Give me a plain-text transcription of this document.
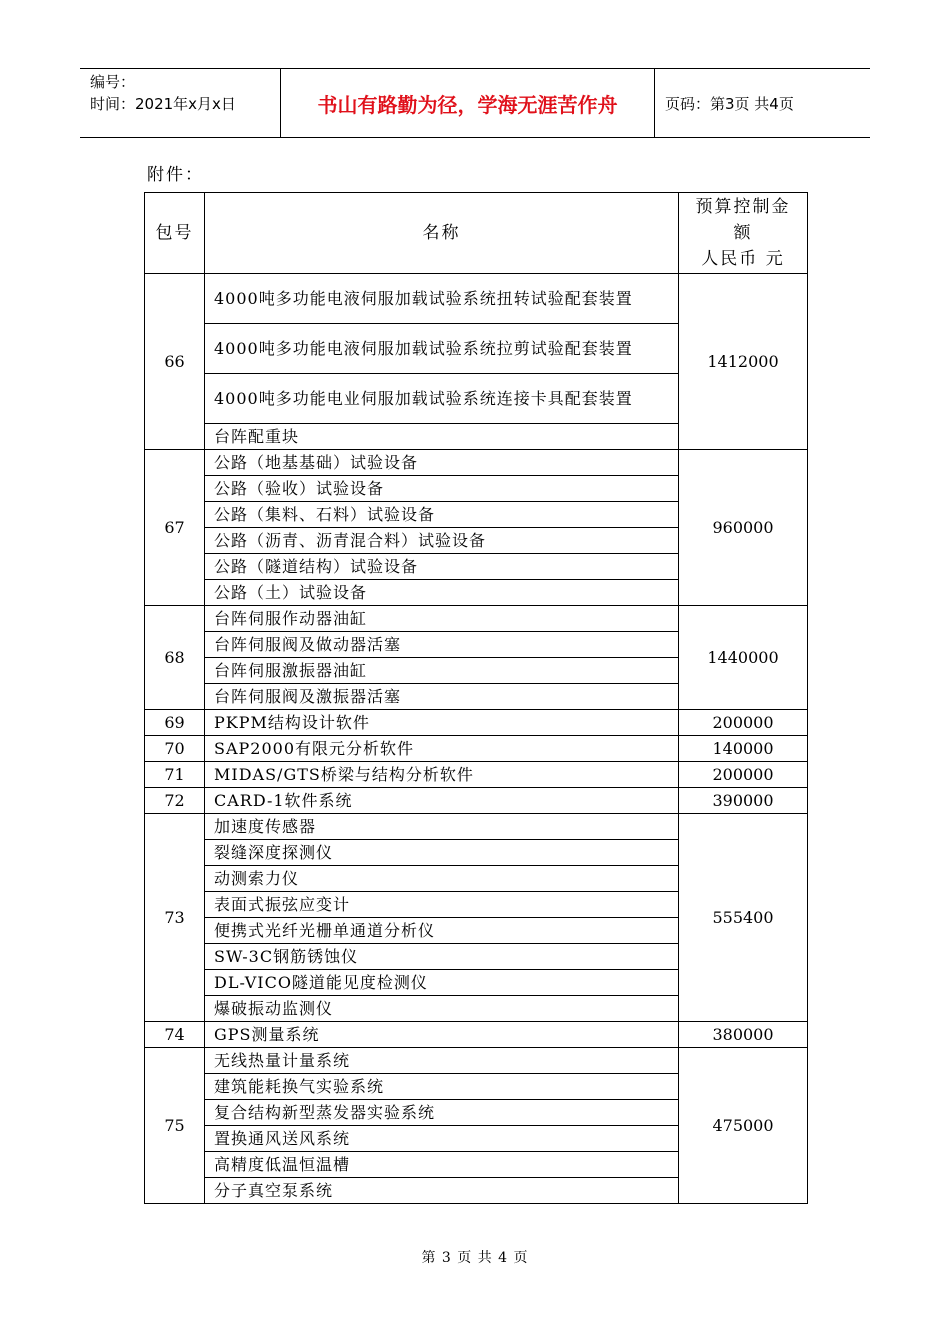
编号：
时间：2021年x月x日	书山有路勤为径，学海无涯苦作舟	页码：第3页 共4页
附件：
包号	名称	预算控制金
额
人民币 元

66	4000吨多功能电液伺服加载试验系统扭转试验配套装置	1412000
	4000吨多功能电液伺服加载试验系统拉剪试验配套装置	
	4000吨多功能电业伺服加载试验系统连接卡具配套装置	
	台阵配重块	
67	公路（地基基础）试验设备	960000
	公路（验收）试验设备	
	公路（集料、石料）试验设备	
	公路（沥青、沥青混合料）试验设备	
	公路（隧道结构）试验设备	
	公路（土）试验设备	
68	台阵伺服作动器油缸	1440000
	台阵伺服阀及做动器活塞	
	台阵伺服激振器油缸	
	台阵伺服阀及激振器活塞	
69	PKPM结构设计软件	200000
70	SAP2000有限元分析软件	140000
71	MIDAS/GTS桥梁与结构分析软件	200000
72	CARD-1软件系统	390000
73	加速度传感器	555400
	裂缝深度探测仪	
	动测索力仪	
	表面式振弦应变计	
	便携式光纤光栅单通道分析仪	
	SW-3C钢筋锈蚀仪	
	DL-VICO隧道能见度检测仪	
	爆破振动监测仪	
74	GPS测量系统	380000
75	无线热量计量系统	475000
	建筑能耗换气实验系统	
	复合结构新型蒸发器实验系统	
	置换通风送风系统	
	高精度低温恒温槽	
	分子真空泵系统	
第 3 页 共 4 页
